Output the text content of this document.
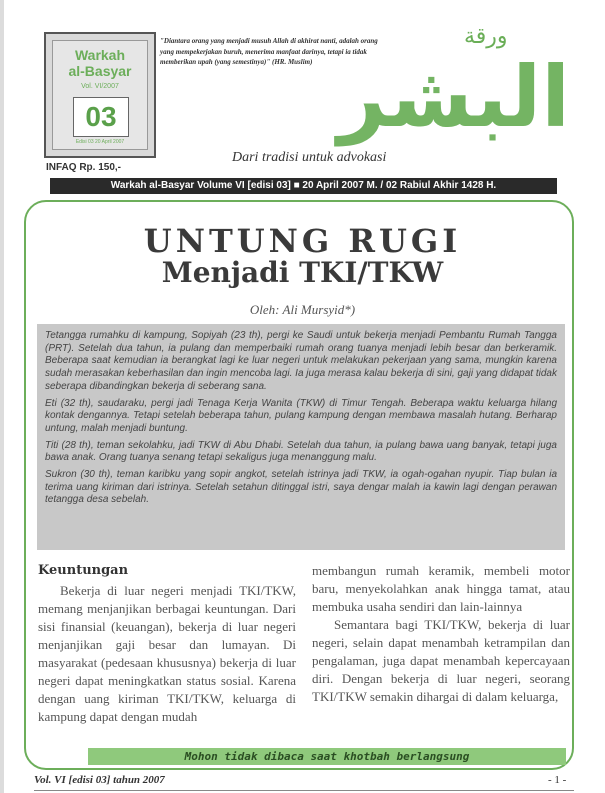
Warkah
al-Basyar
Vol. VI/2007
03
Edisi 03 20 April 2007
INFAQ Rp. 150,-
"Diantara orang yang menjadi musuh Allah di akhirat nanti, adalah orang yang mempekerjakan buruh, menerima manfaat darinya, tetapi ia tidak memberikan upah (yang semestinya)" (HR. Muslim)
ورقة
البشر
Dari tradisi untuk advokasi
Warkah al-Basyar Volume VI [edisi 03] ■ 20 April 2007 M. / 02 Rabiul Akhir 1428 H.
UNTUNG RUGI
Menjadi TKI/TKW
Oleh: Ali Mursyid*)

Tetangga rumahku di kampung, Sopiyah (23 th), pergi ke Saudi untuk bekerja menjadi Pembantu Rumah Tangga (PRT). Setelah dua tahun, ia pulang dan memperbaiki rumah orang tuanya menjadi lebih besar dan berkeramik. Beberapa saat kemudian ia berangkat lagi ke luar negeri untuk melakukan pekerjaan yang sama, mungkin karena sudah merasakan keberhasilan dan ingin mencoba lagi. Ia juga merasa kalau bekerja di sini, gaji yang didapat tidak seberapa dibandingkan bekerja di seberang sana.

Eti (32 th), saudaraku, pergi jadi Tenaga Kerja Wanita (TKW) di Timur Tengah. Beberapa waktu keluarga hilang kontak dengannya. Tetapi setelah beberapa tahun, pulang kampung dengan membawa masalah hutang. Berharap untung, malah menjadi buntung.

Titi (28 th), teman sekolahku, jadi TKW di Abu Dhabi. Setelah dua tahun, ia pulang bawa uang banyak, tetapi juga bawa anak. Orang tuanya senang tetapi sekaligus juga menanggung malu.

Sukron (30 th), teman karibku yang sopir angkot, setelah istrinya jadi TKW, ia ogah-ogahan nyupir. Tiap bulan ia terima uang kiriman dari istrinya. Setelah setahun ditinggal istri, saya dengar malah ia kawin lagi dengan perawan tetangga desa sebelah.

Keuntungan

Bekerja di luar negeri menjadi TKI/TKW, memang menjanjikan berbagai keuntungan. Dari sisi finansial (keuangan), bekerja di luar negeri menjanjikan gaji besar dan lumayan. Di masyarakat (pedesaan khususnya) bekerja di luar negeri dapat meningkatkan status sosial. Karena dengan uang kiriman TKI/TKW, keluarga di kampung dapat dengan mudah

membangun rumah keramik, membeli motor baru, menyekolahkan anak hingga tamat, atau membuka usaha sendiri dan lain-lainnya

Semantara bagi TKI/TKW, bekerja di luar negeri, selain dapat menambah ketrampilan dan pengalaman, juga dapat menambah kepercayaan diri. Dengan bekerja di luar negeri, seorang TKI/TKW semakin dihargai di dalam keluarga,

Mohon tidak dibaca saat khotbah berlangsung
Vol. VI [edisi 03] tahun 2007	- 1 -
